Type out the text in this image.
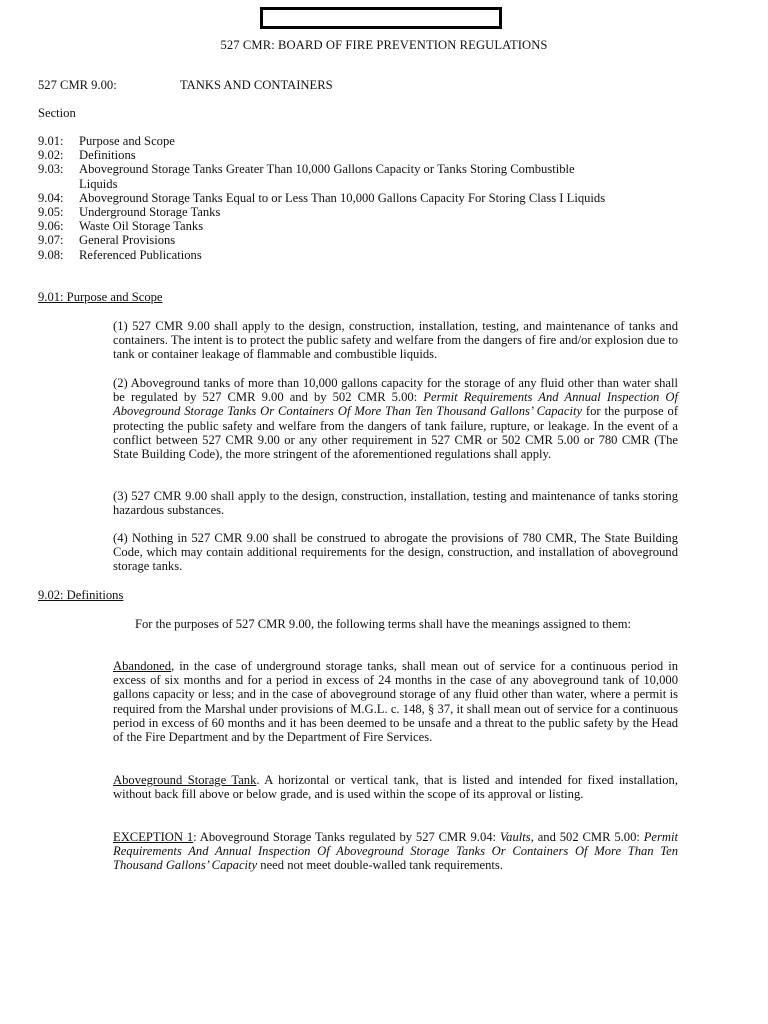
527 CMR: BOARD OF FIRE PREVENTION REGULATIONS
527 CMR 9.00:	TANKS AND CONTAINERS
Section
9.01:	Purpose and Scope
9.02:	Definitions
9.03:	Aboveground Storage Tanks Greater Than 10,000 Gallons Capacity or Tanks Storing Combustible Liquids
9.04:	Aboveground Storage Tanks Equal to or Less Than 10,000 Gallons Capacity For Storing Class I Liquids
9.05:	Underground Storage Tanks
9.06:	Waste Oil Storage Tanks
9.07:	General Provisions
9.08:	Referenced Publications
9.01: Purpose and Scope

(1) 527 CMR 9.00 shall apply to the design, construction, installation, testing, and maintenance of tanks and containers. The intent is to protect the public safety and welfare from the dangers of fire and/or explosion due to tank or container leakage of flammable and combustible liquids.

(2) Aboveground tanks of more than 10,000 gallons capacity for the storage of any fluid other than water shall be regulated by 527 CMR 9.00 and by 502 CMR 5.00: Permit Requirements And Annual Inspection Of Aboveground Storage Tanks Or Containers Of More Than Ten Thousand Gallons’ Capacity for the purpose of protecting the public safety and welfare from the dangers of tank failure, rupture, or leakage. In the event of a conflict between 527 CMR 9.00 or any other requirement in 527 CMR or 502 CMR 5.00 or 780 CMR (The State Building Code), the more stringent of the aforementioned regulations shall apply.

(3) 527 CMR 9.00 shall apply to the design, construction, installation, testing and maintenance of tanks storing hazardous substances.

(4) Nothing in 527 CMR 9.00 shall be construed to abrogate the provisions of 780 CMR, The State Building Code, which may contain additional requirements for the design, construction, and installation of aboveground storage tanks.

9.02: Definitions

For the purposes of 527 CMR 9.00, the following terms shall have the meanings assigned to them:

Abandoned, in the case of underground storage tanks, shall mean out of service for a continuous period in excess of six months and for a period in excess of 24 months in the case of any aboveground tank of 10,000 gallons capacity or less; and in the case of aboveground storage of any fluid other than water, where a permit is required from the Marshal under provisions of M.G.L. c. 148, § 37, it shall mean out of service for a continuous period in excess of 60 months and it has been deemed to be unsafe and a threat to the public safety by the Head of the Fire Department and by the Department of Fire Services.

Aboveground Storage Tank. A horizontal or vertical tank, that is listed and intended for fixed installation, without back fill above or below grade, and is used within the scope of its approval or listing.

EXCEPTION 1: Aboveground Storage Tanks regulated by 527 CMR 9.04: Vaults, and 502 CMR 5.00: Permit Requirements And Annual Inspection Of Aboveground Storage Tanks Or Containers Of More Than Ten Thousand Gallons’ Capacity need not meet double-walled tank requirements.
